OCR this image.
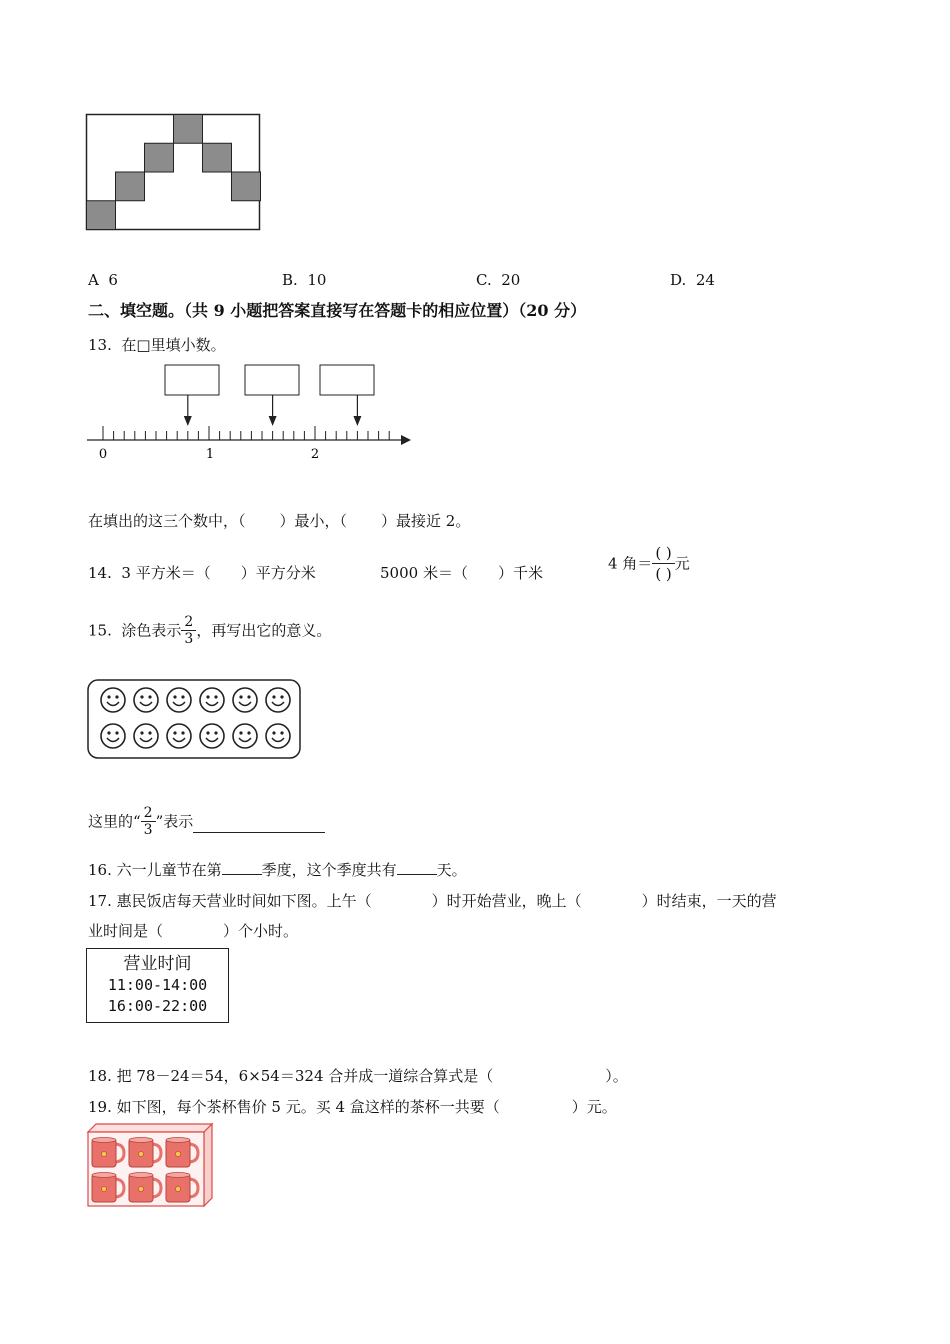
A 6	B. 10	C. 20	D. 24
二、填空题。（共 9 小题把答案直接写在答题卡的相应位置）（20 分）
13. 在□里填小数。
0	1	2
在填出的这三个数中，（ ）最小，（ ）最接近 2。
14. 3 平方米＝（ ）平方分米	5000 米＝（ ）千米
4 角＝ $\frac{( )}{( )}$ 元
15. 涂色表示 $\frac{2}{3}$ ，再写出它的意义。
这里的“ $\frac{2}{3}$ ”表示
16. 六一儿童节在第	季度，这个季度共有	天。
17. 惠民饭店每天营业时间如下图。上午（	）时开始营业，晚上（	）时结束，一天的营
业时间是（	）个小时。
营业时间
11:00-14:00
16:00-22:00
18. 把 78－24＝54，6×54＝324 合并成一道综合算式是（	）。
19. 如下图，每个茶杯售价 5 元。买 4 盒这样的茶杯一共要（	）元。
